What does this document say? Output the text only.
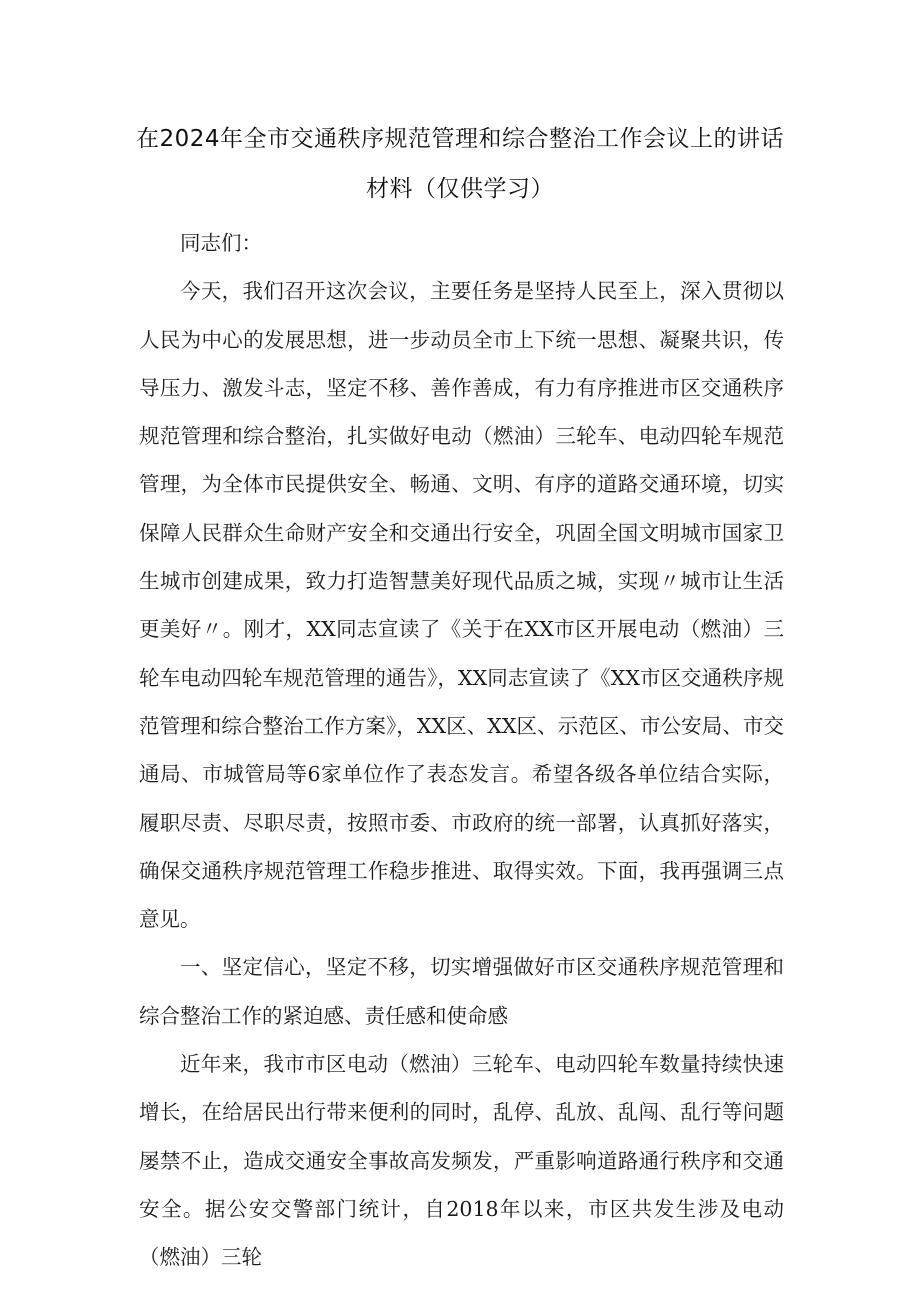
在2024年全市交通秩序规范管理和综合整治工作会议上的讲话
材料（仅供学习）

同志们：

今天，我们召开这次会议，主要任务是坚持人民至上，深入贯彻以人民为中心的发展思想，进一步动员全市上下统一思想、凝聚共识，传导压力、激发斗志，坚定不移、善作善成，有力有序推进市区交通秩序规范管理和综合整治，扎实做好电动（燃油）三轮车、电动四轮车规范管理，为全体市民提供安全、畅通、文明、有序的道路交通环境，切实保障人民群众生命财产安全和交通出行安全，巩固全国文明城市国家卫生城市创建成果，致力打造智慧美好现代品质之城，实现〃城市让生活更美好〃。刚才，XX同志宣读了《关于在XX市区开展电动（燃油）三轮车电动四轮车规范管理的通告》，XX同志宣读了《XX市区交通秩序规范管理和综合整治工作方案》，XX区、XX区、示范区、市公安局、市交通局、市城管局等6家单位作了表态发言。希望各级各单位结合实际，履职尽责、尽职尽责，按照市委、市政府的统一部署，认真抓好落实，确保交通秩序规范管理工作稳步推进、取得实效。下面，我再强调三点意见。

一、坚定信心，坚定不移，切实增强做好市区交通秩序规范管理和综合整治工作的紧迫感、责任感和使命感

近年来，我市市区电动（燃油）三轮车、电动四轮车数量持续快速增长，在给居民出行带来便利的同时，乱停、乱放、乱闯、乱行等问题屡禁不止，造成交通安全事故高发频发，严重影响道路通行秩序和交通安全。据公安交警部门统计，自2018年以来，市区共发生涉及电动（燃油）三轮
